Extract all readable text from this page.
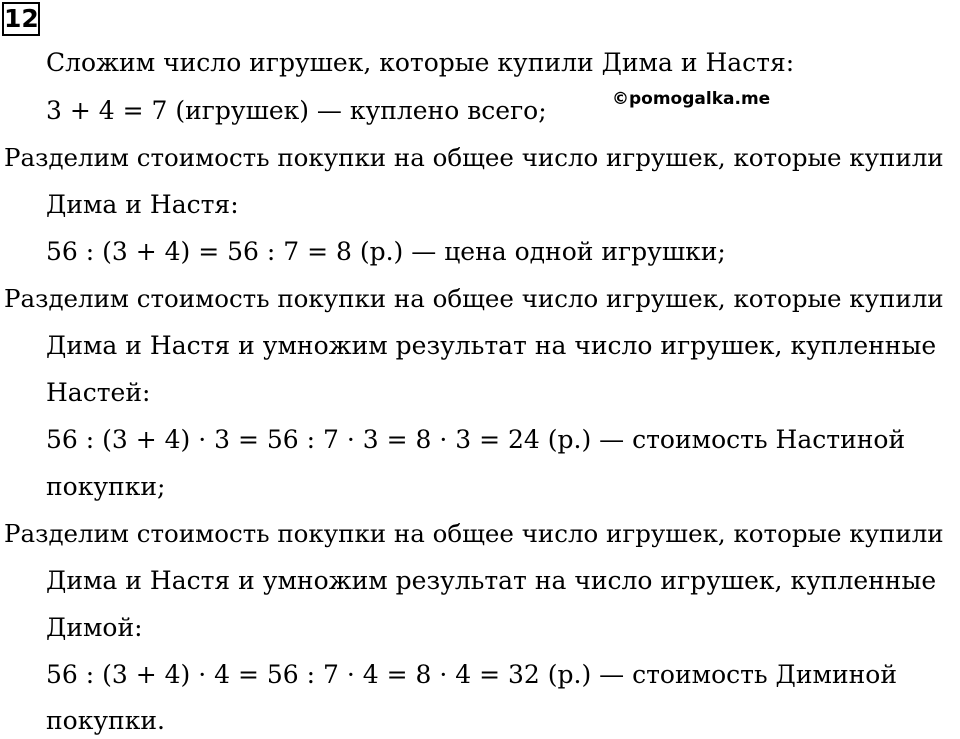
12
©pomogalka.me
Сложим число игрушек, которые купили Дима и Настя:
3 + 4 = 7 (игрушек) — куплено всего;
Разделим стоимость покупки на общее число игрушек, которые купили
Дима и Настя:
56 : (3 + 4) = 56 : 7 = 8 (р.) — цена одной игрушки;
Разделим стоимость покупки на общее число игрушек, которые купили
Дима и Настя и умножим результат на число игрушек, купленные
Настей:
56 : (3 + 4) · 3 = 56 : 7 · 3 = 8 · 3 = 24 (р.) — стоимость Настиной
покупки;
Разделим стоимость покупки на общее число игрушек, которые купили
Дима и Настя и умножим результат на число игрушек, купленные
Димой:
56 : (3 + 4) · 4 = 56 : 7 · 4 = 8 · 4 = 32 (р.) — стоимость Диминой
покупки.
